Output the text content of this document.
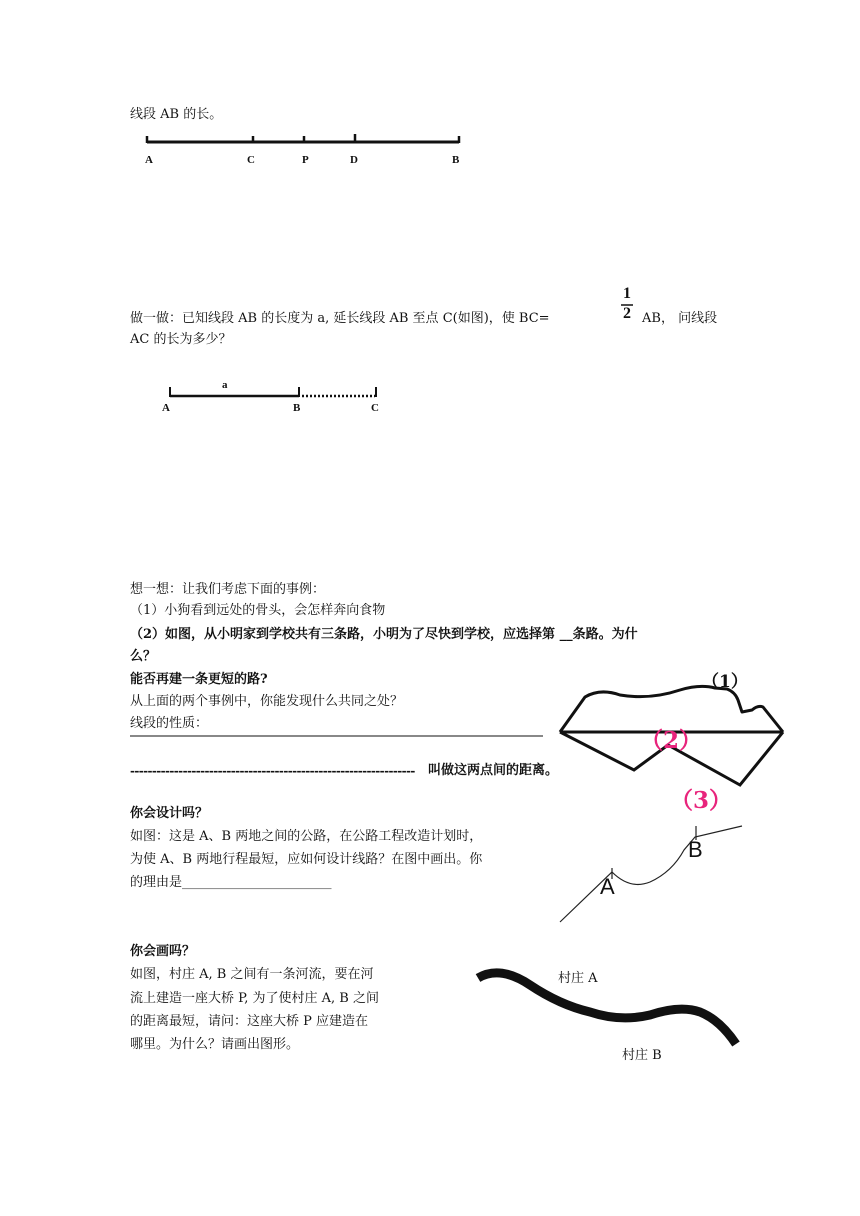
线段 AB 的长。
A	C	P	D	B
做一做：已知线段 AB 的长度为 a, 延长线段 AB 至点 C(如图)，使 BC=
1
2 AB， 问线段
AC 的长为多少？
a
A	B	C
想一想：让我们考虑下面的事例：
（1）小狗看到远处的骨头，会怎样奔向食物
（2）如图，从小明家到学校共有三条路，小明为了尽快到学校，应选择第 __条路。为什
么？
能否再建一条更短的路?
从上面的两个事例中，你能发现什么共同之处？
线段的性质：
----------------------------------------------------------------- 叫做这两点间的距离。
（1）
（2）
（3）
你会设计吗？
如图：这是 A、B 两地之间的公路，在公路工程改造计划时，
为使 A、B 两地行程最短，应如何设计线路？在图中画出。你
的理由是_______________________	A
B
你会画吗？
如图，村庄 A, B 之间有一条河流，要在河
流上建造一座大桥 P, 为了使村庄 A, B 之间
的距离最短，请问：这座大桥 P 应建造在
哪里。为什么？请画出图形。
村庄 A
村庄 B
